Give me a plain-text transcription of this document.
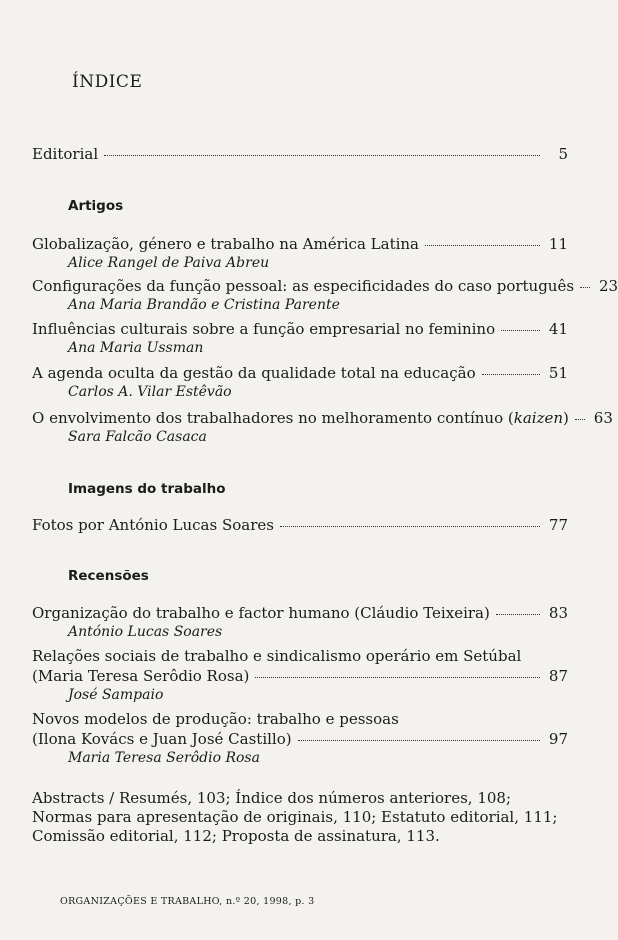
ÍNDICE
Editorial	5
Artigos
Globalização, género e trabalho na América Latina	11
Alice Rangel de Paiva Abreu
Configurações da função pessoal: as especificidades do caso português 23
Ana Maria Brandão e Cristina Parente
Influências culturais sobre a função empresarial no feminino	41
Ana Maria Ussman
A agenda oculta da gestão da qualidade total na educação	51
Carlos A. Vilar Estêvão
O envolvimento dos trabalhadores no melhoramento contínuo (kaizen) 63
Sara Falcão Casaca
Imagens do trabalho
Fotos por António Lucas Soares	77
Recensões
Organização do trabalho e factor humano (Cláudio Teixeira)	83
António Lucas Soares
Relações sociais de trabalho e sindicalismo operário em Setúbal
(Maria Teresa Serôdio Rosa)	87
José Sampaio
Novos modelos de produção: trabalho e pessoas
(Ilona Kovács e Juan José Castillo)	97
Maria Teresa Serôdio Rosa
Abstracts / Resumés, 103; Índice dos números anteriores, 108;
Normas para apresentação de originais, 110; Estatuto editorial, 111;
Comissão editorial, 112; Proposta de assinatura, 113.
ORGANIZAÇÕES E TRABALHO, n.º 20, 1998, p. 3
